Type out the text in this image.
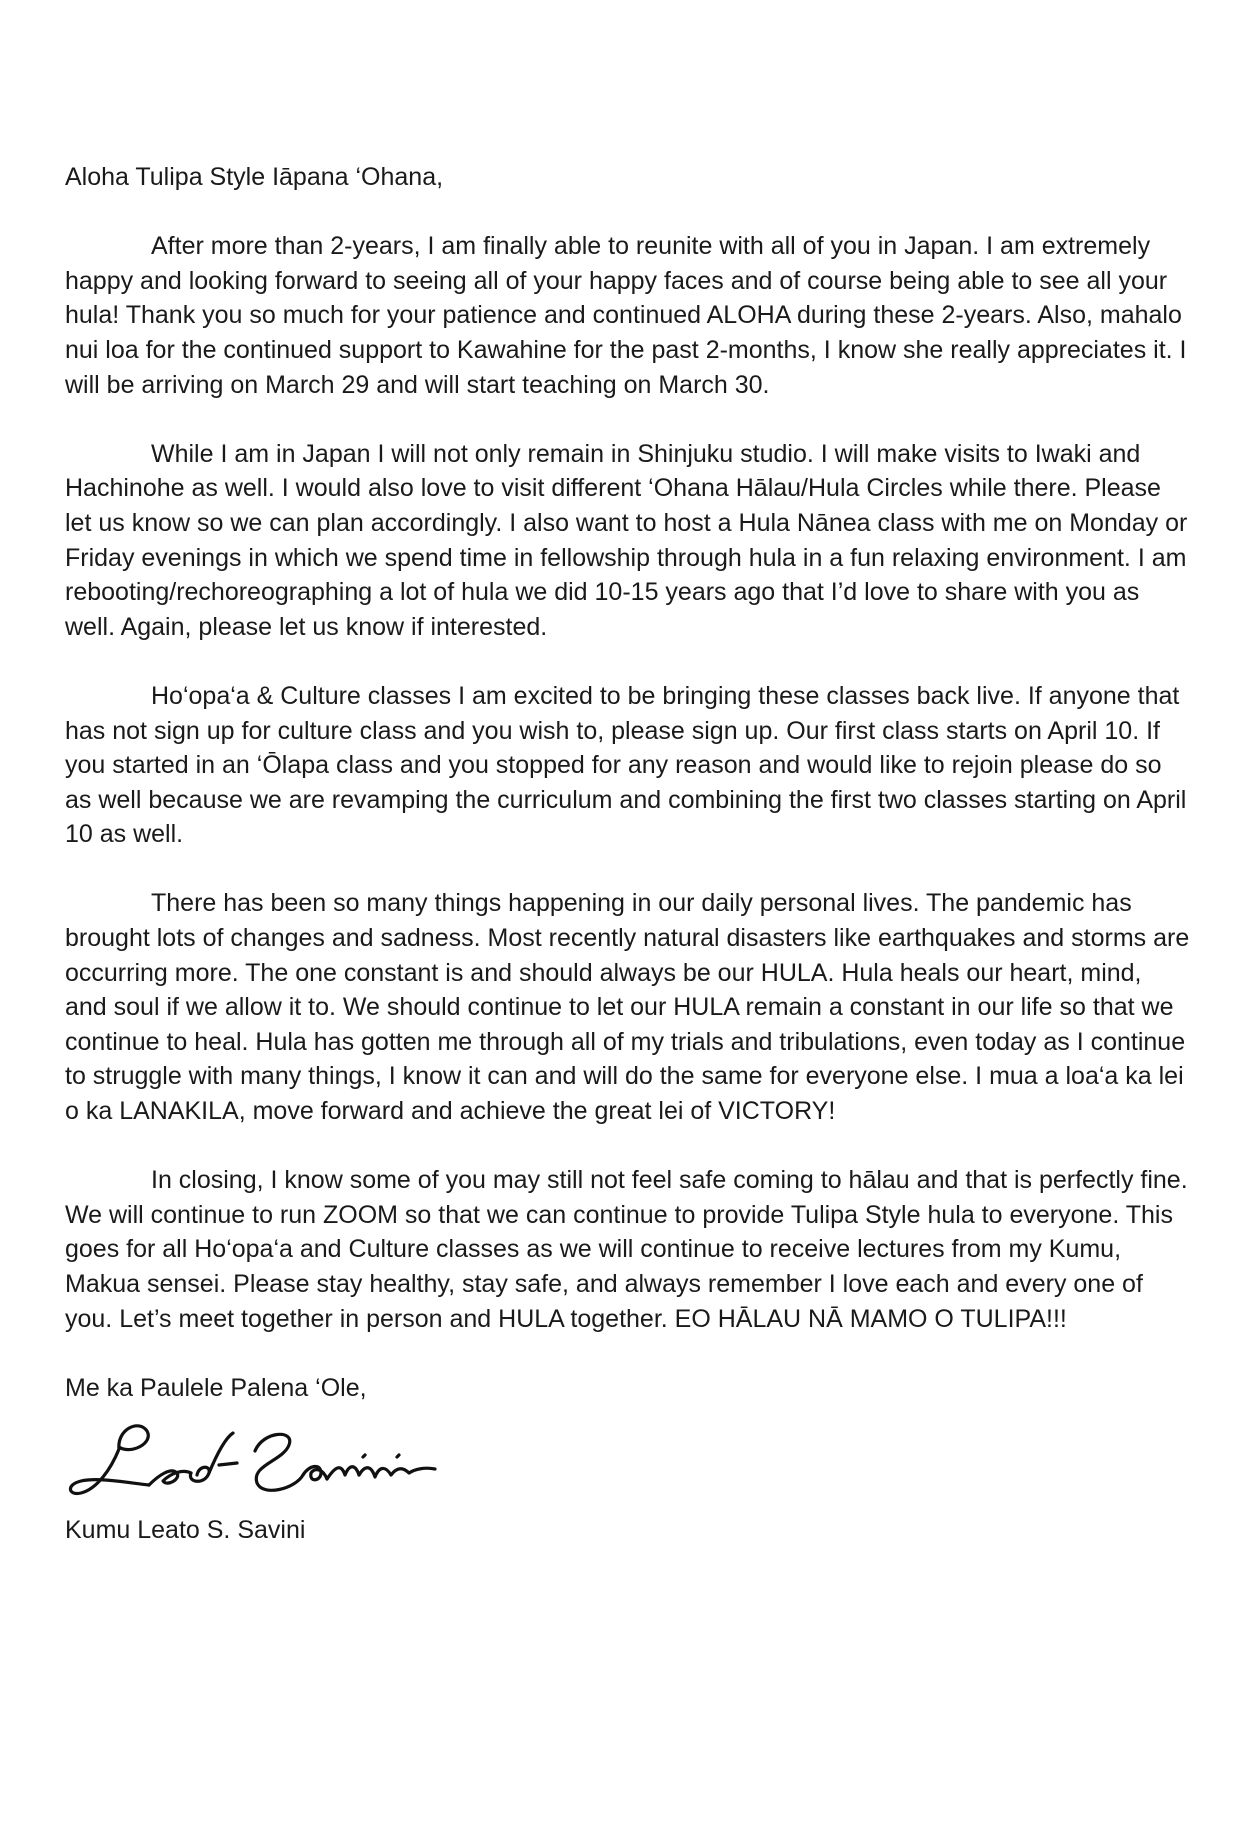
Aloha Tulipa Style Iāpana ‘Ohana,

After more than 2-years, I am finally able to reunite with all of you in Japan. I am extremely happy and looking forward to seeing all of your happy faces and of course being able to see all your hula! Thank you so much for your patience and continued ALOHA during these 2-years. Also, mahalo nui loa for the continued support to Kawahine for the past 2-months, I know she really appreciates it. I will be arriving on March 29 and will start teaching on March 30.

While I am in Japan I will not only remain in Shinjuku studio. I will make visits to Iwaki and Hachinohe as well. I would also love to visit different ‘Ohana Hālau/Hula Circles while there. Please let us know so we can plan accordingly. I also want to host a Hula Nānea class with me on Monday or Friday evenings in which we spend time in fellowship through hula in a fun relaxing environment. I am rebooting/rechoreographing a lot of hula we did 10-15 years ago that I’d love to share with you as well. Again, please let us know if interested.

Ho‘opa‘a & Culture classes I am excited to be bringing these classes back live. If anyone that has not sign up for culture class and you wish to, please sign up. Our first class starts on April 10. If you started in an ‘Ōlapa class and you stopped for any reason and would like to rejoin please do so as well because we are revamping the curriculum and combining the first two classes starting on April 10 as well.

There has been so many things happening in our daily personal lives. The pandemic has brought lots of changes and sadness. Most recently natural disasters like earthquakes and storms are occurring more. The one constant is and should always be our HULA. Hula heals our heart, mind, and soul if we allow it to. We should continue to let our HULA remain a constant in our life so that we continue to heal. Hula has gotten me through all of my trials and tribulations, even today as I continue to struggle with many things, I know it can and will do the same for everyone else. I mua a loa‘a ka lei o ka LANAKILA, move forward and achieve the great lei of VICTORY!

In closing, I know some of you may still not feel safe coming to hālau and that is perfectly fine. We will continue to run ZOOM so that we can continue to provide Tulipa Style hula to everyone. This goes for all Ho‘opa‘a and Culture classes as we will continue to receive lectures from my Kumu, Makua sensei. Please stay healthy, stay safe, and always remember I love each and every one of you. Let’s meet together in person and HULA together. EO HĀLAU NĀ MAMO O TULIPA!!!

Me ka Paulele Palena ‘Ole,

Kumu Leato S. Savini
